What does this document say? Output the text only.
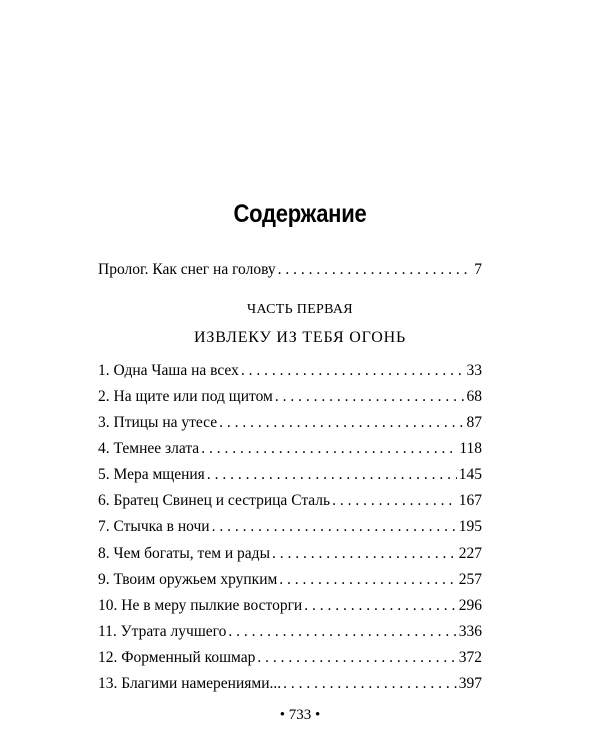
Содержание
Пролог. Как снег на голову . . .	7
ЧАСТЬ ПЕРВАЯ
ИЗВЛЕКУ ИЗ ТЕБЯ ОГОНЬ
1. Одна Чаша на всех . . .	33
2. На щите или под щитом . . .	68
3. Птицы на утесе . . .	87
4. Темнее злата . . .	118
5. Мера мщения . . .	145
6. Братец Свинец и сестрица Сталь . . .	167
7. Стычка в ночи . . .	195
8. Чем богаты, тем и рады . . .	227
9. Твоим оружьем хрупким . . .	257
10. Не в меру пылкие восторги . . .	296
11. Утрата лучшего . . .	336
12. Форменный кошмар . . .	372
13. Благими намерениями... . . .	397
• 733 •
